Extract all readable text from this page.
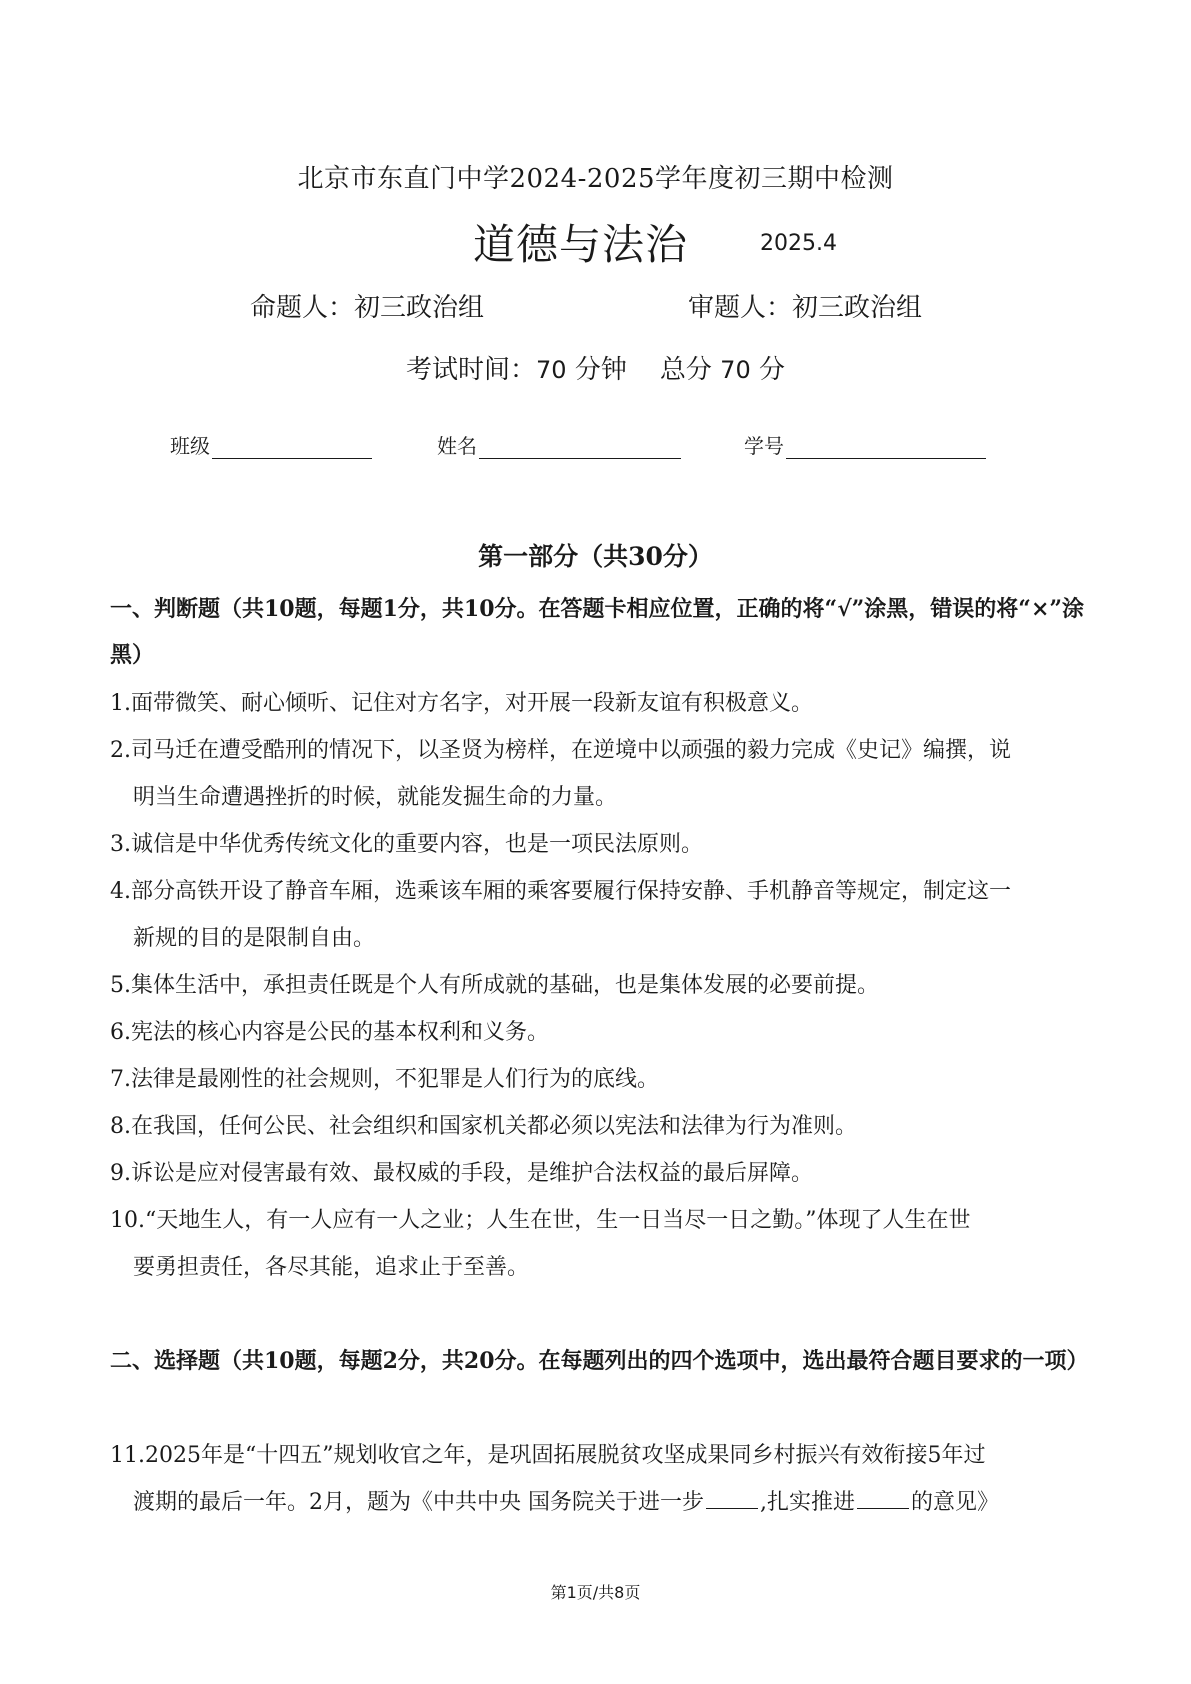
北京市东直门中学2024-2025学年度初三期中检测
道德与法治	2025.4
命题人：初三政治组	审题人：初三政治组
考试时间：70 分钟 总分 70 分
班级	姓名	学号
第一部分（共30分）
一、判断题（共10题，每题1分，共10分。在答题卡相应位置，正确的将“√”涂黑，错误的将“×”涂黑）
1.面带微笑、耐心倾听、记住对方名字，对开展一段新友谊有积极意义。
2.司马迁在遭受酷刑的情况下，以圣贤为榜样，在逆境中以顽强的毅力完成《史记》编撰，说
明当生命遭遇挫折的时候，就能发掘生命的力量。
3.诚信是中华优秀传统文化的重要内容，也是一项民法原则。
4.部分高铁开设了静音车厢，选乘该车厢的乘客要履行保持安静、手机静音等规定，制定这一
新规的目的是限制自由。
5.集体生活中，承担责任既是个人有所成就的基础，也是集体发展的必要前提。
6.宪法的核心内容是公民的基本权利和义务。
7.法律是最刚性的社会规则，不犯罪是人们行为的底线。
8.在我国，任何公民、社会组织和国家机关都必须以宪法和法律为行为准则。
9.诉讼是应对侵害最有效、最权威的手段，是维护合法权益的最后屏障。
10.“天地生人，有一人应有一人之业；人生在世，生一日当尽一日之勤。”体现了人生在世
要勇担责任，各尽其能，追求止于至善。
二、选择题（共10题，每题2分，共20分。在每题列出的四个选项中，选出最符合题目要求的一项）
11.2025年是“十四五”规划收官之年，是巩固拓展脱贫攻坚成果同乡村振兴有效衔接5年过
渡期的最后一年。2月，题为《中共中央 国务院关于进一步	,扎实推进	的意见》
第1页/共8页
